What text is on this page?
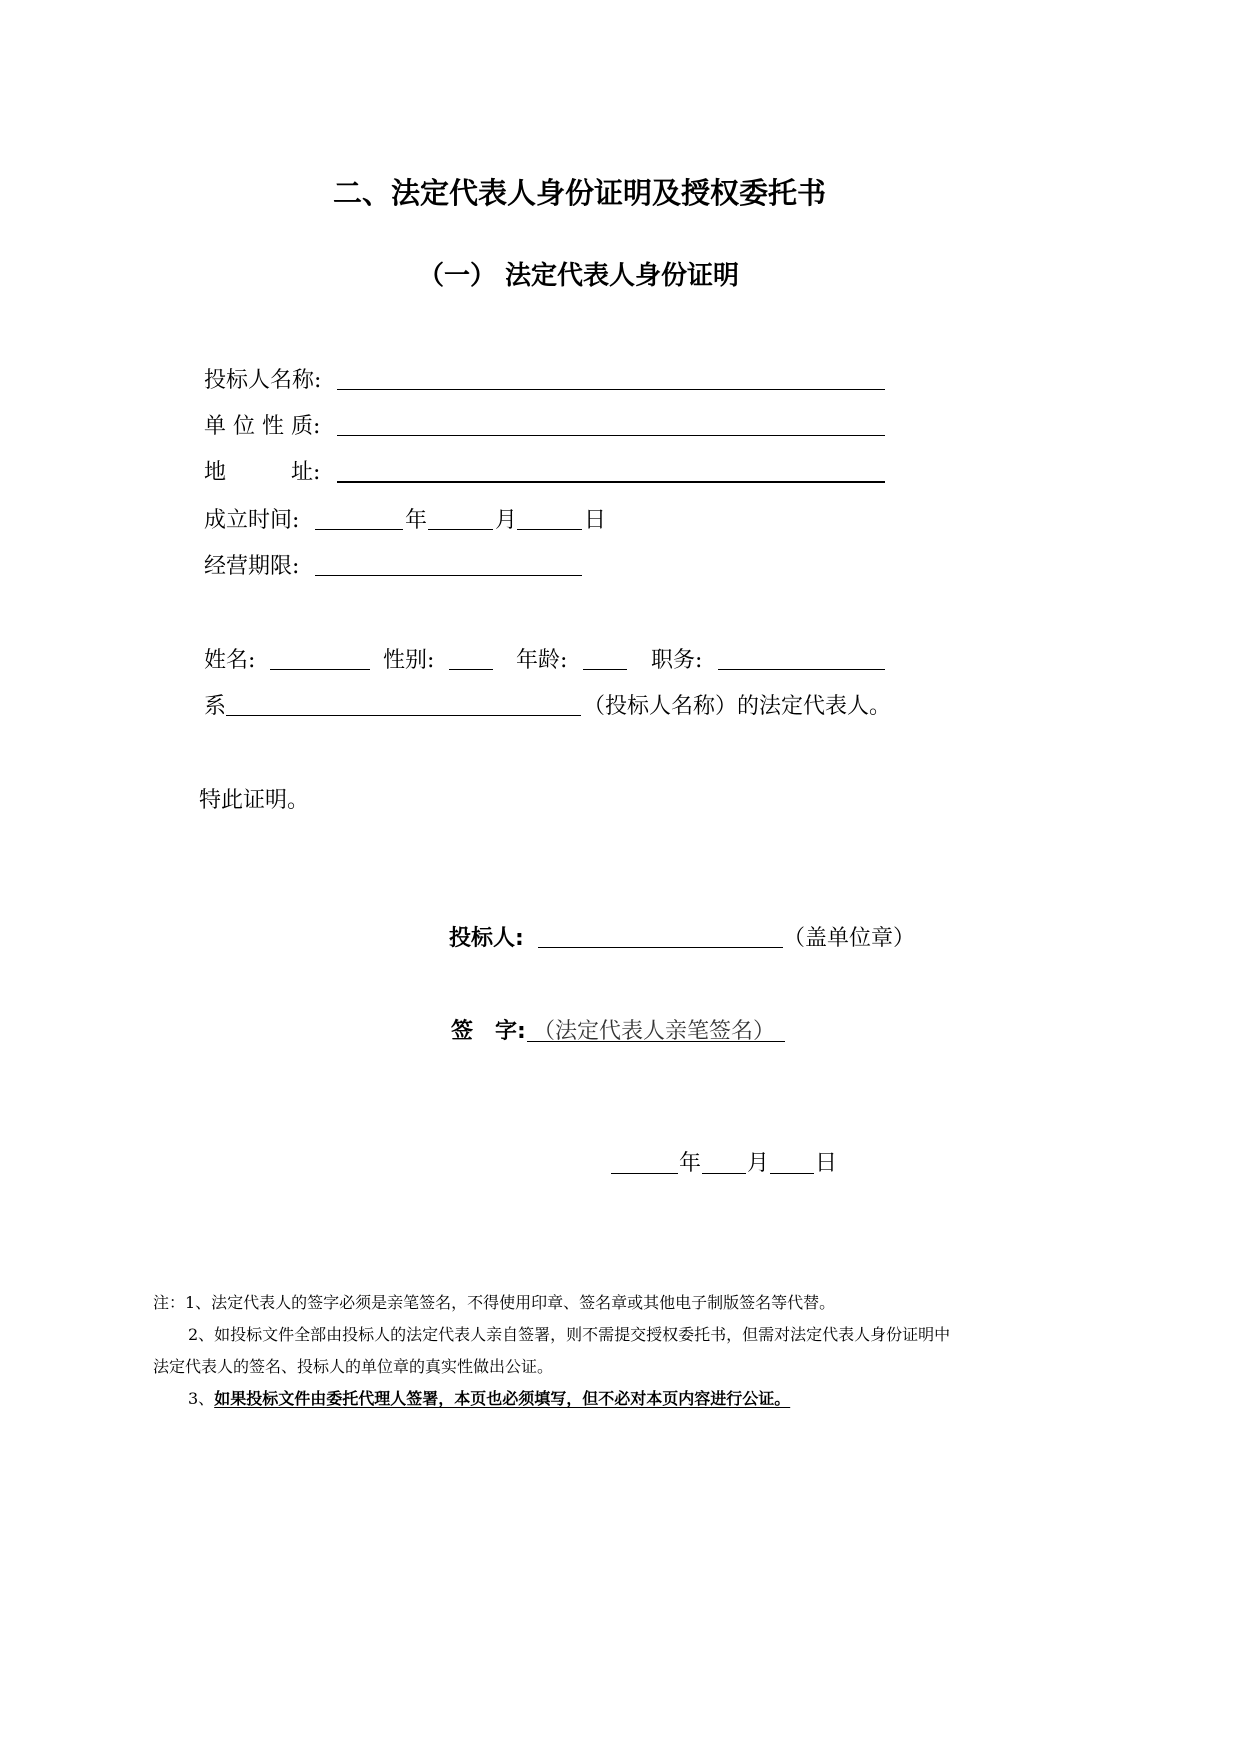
二、法定代表人身份证明及授权委托书
（一） 法定代表人身份证明
投标人名称:
单 位 性 质:
地	址:
成立时间:	年	月	日
经营期限:
姓名:	性别:	年龄:	职务:
系	（投标人名称）的法定代表人。
特此证明。
投标人:	（盖单位章）
签 字: （法定代表人亲笔签名）
年 月 日
注：1、法定代表人的签字必须是亲笔签名，不得使用印章、签名章或其他电子制版签名等代替。
2、如投标文件全部由投标人的法定代表人亲自签署，则不需提交授权委托书，但需对法定代表人身份证明中
法定代表人的签名、投标人的单位章的真实性做出公证。
3、如果投标文件由委托代理人签署，本页也必须填写，但不必对本页内容进行公证。
